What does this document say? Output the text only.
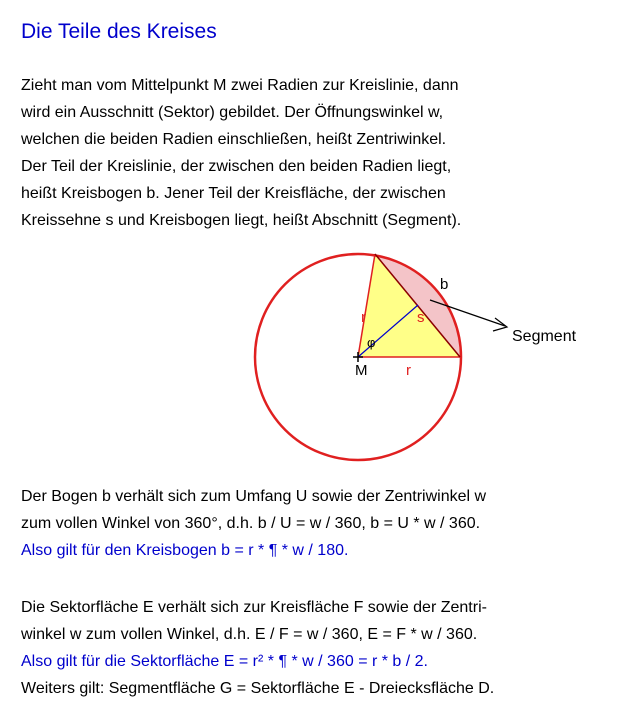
Die Teile des Kreises
Zieht man vom Mittelpunkt M zwei Radien zur Kreislinie, dann
wird ein Ausschnitt (Sektor) gebildet. Der Öffnungswinkel w,
welchen die beiden Radien einschließen, heißt Zentriwinkel.
Der Teil der Kreislinie, der zwischen den beiden Radien liegt,
heißt Kreisbogen b. Jener Teil der Kreisfläche, der zwischen
Kreissehne s und Kreisbogen liegt, heißt Abschnitt (Segment).
M	r
r	s
b
φ	Segment
Der Bogen b verhält sich zum Umfang U sowie der Zentriwinkel w
zum vollen Winkel von 360°, d.h. b / U = w / 360, b = U * w / 360.
Also gilt für den Kreisbogen b = r * ¶ * w / 180.
Die Sektorfläche E verhält sich zur Kreisfläche F sowie der Zentri-
winkel w zum vollen Winkel, d.h. E / F = w / 360, E = F * w / 360.
Also gilt für die Sektorfläche E = r² * ¶ * w / 360 = r * b / 2.
Weiters gilt: Segmentfläche G = Sektorfläche E - Dreiecksfläche D.
